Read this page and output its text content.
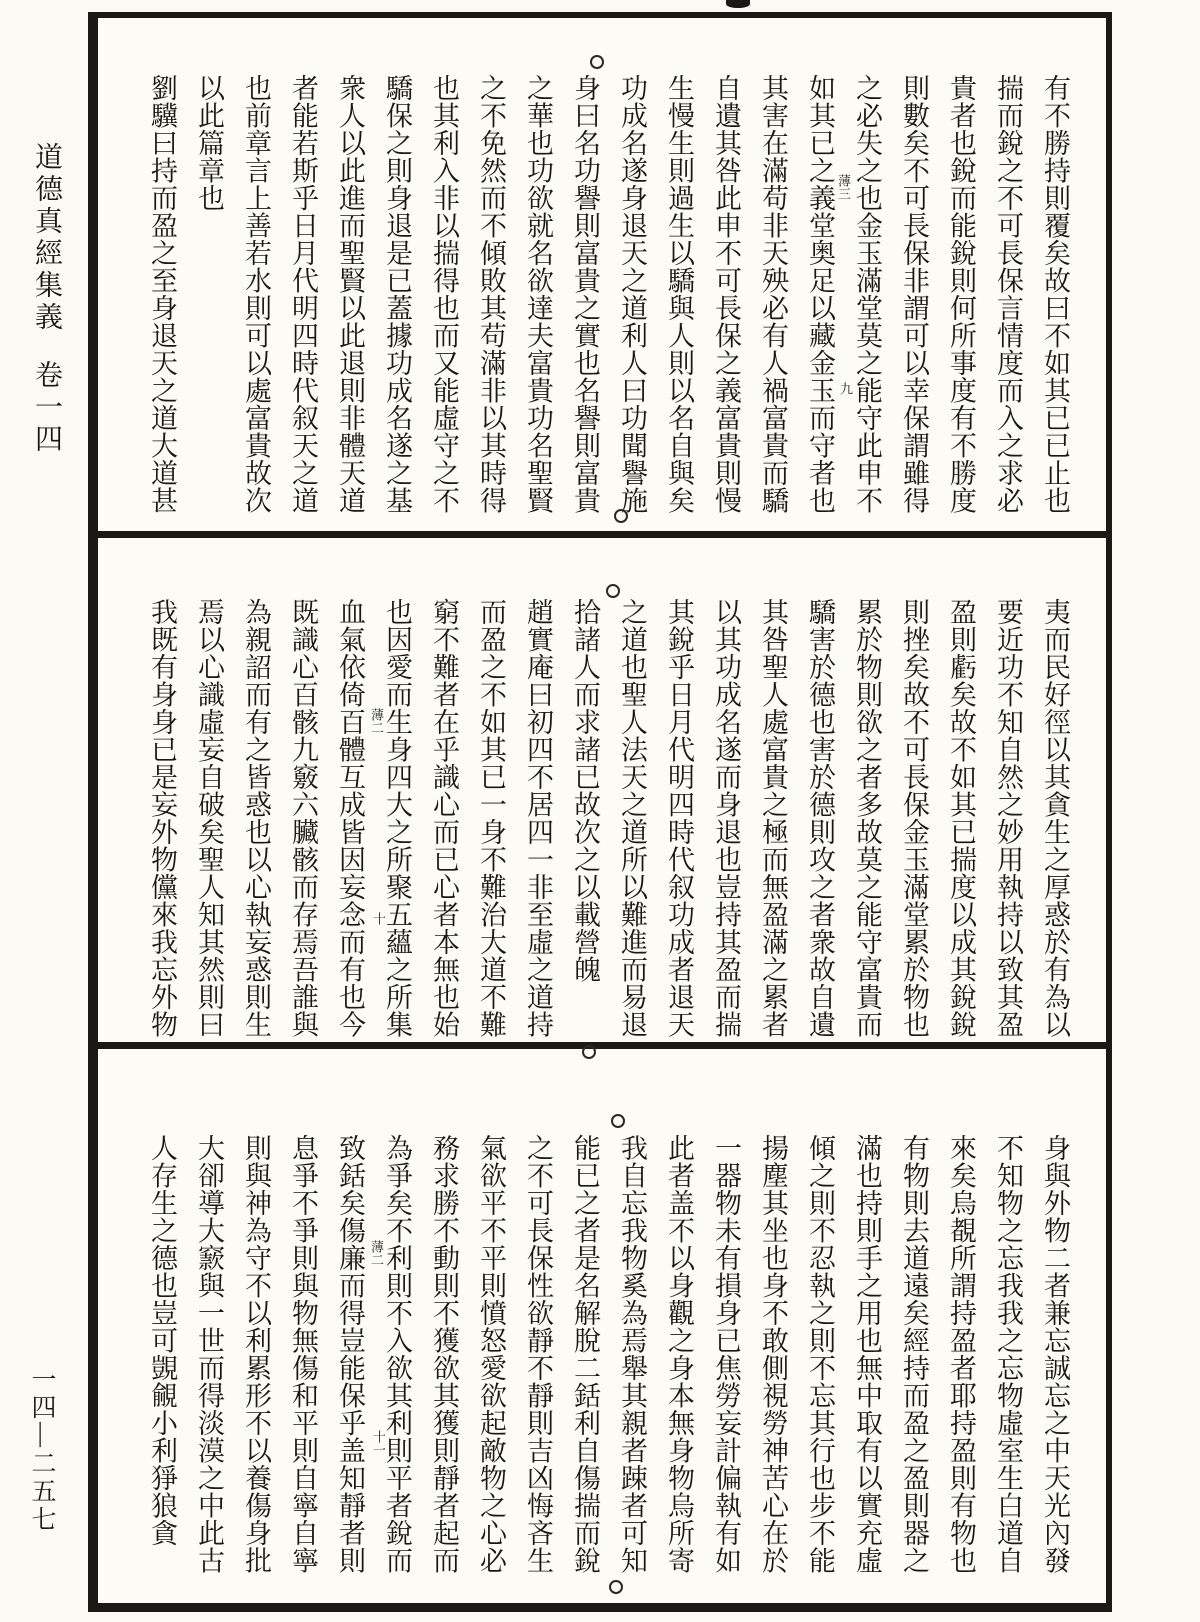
道德真經集義卷一四
一四—二五七
有不勝持則覆矣故曰不如其已已止也
揣而銳之不可長保言情度而入之求必
貴者也銳而能銳則何所事度有不勝度
則數矣不可長保非謂可以幸保謂雖得
之必失之也金玉滿堂莫之能守此申不
如其已之義堂奥足以藏金玉而守者也
其害在滿苟非天殃必有人禍富貴而驕
自遺其咎此申不可長保之義富貴則慢
生慢生則過生以驕與人則以名自與矣
功成名遂身退天之道利人曰功聞譽施
身曰名功譽則富貴之實也名譽則富貴
之華也功欲就名欲達夫富貴功名聖賢
之不免然而不傾敗其苟滿非以其時得
也其利入非以揣得也而又能虛守之不
驕保之則身退是已蓋據功成名遂之基
衆人以此進而聖賢以此退則非體天道
者能若斯乎日月代明四時代叙天之道
也前章言上善若水則可以處富貴故次
以此篇章也
劉驥曰持而盈之至身退天之道大道甚
夷而民好徑以其貪生之厚惑於有為以
要近功不知自然之妙用執持以致其盈
盈則虧矣故不如其已揣度以成其銳銳
則挫矣故不可長保金玉滿堂累於物也
累於物則欲之者多故莫之能守富貴而
驕害於德也害於德則攻之者衆故自遺
其咎聖人處富貴之極而無盈滿之累者
以其功成名遂而身退也豈持其盈而揣
其銳乎日月代明四時代叙功成者退天
之道也聖人法天之道所以難進而易退
拾諸人而求諸已故次之以載營魄
趙實庵曰初四不居四一非至虛之道持
而盈之不如其已一身不難治大道不難
窮不難者在乎識心而已心者本無也始
也因愛而生身四大之所聚五蘊之所集
血氣依倚百體互成皆因妄念而有也今
既識心百骸九竅六臟骸而存焉吾誰與
為親詔而有之皆惑也以心執妄惑則生
焉以心識虛妄自破矣聖人知其然則曰
我既有身身已是妄外物儻來我忘外物
身與外物二者兼忘誠忘之中天光內發
不知物之忘我我之忘物虛室生白道自
來矣烏覩所謂持盈者耶持盈則有物也
有物則去道遠矣經持而盈之盈則器之
滿也持則手之用也無中取有以實充虛
傾之則不忍執之則不忘其行也步不能
揚塵其坐也身不敢側視勞神苦心在於
一器物未有損身已焦勞妄計偏執有如
此者盖不以身觀之身本無身物烏所寄
我自忘我物奚為焉舉其親者踈者可知
能已之者是名解脫二銛利自傷揣而銳
之不可長保性欲靜不靜則吉凶悔吝生
氣欲平不平則憤怒愛欲起敵物之心必
務求勝不動則不獲欲其獲則靜者起而
為爭矣不利則不入欲其利則平者銳而
致銛矣傷廉而得豈能保乎盖知靜者則
息爭不爭則與物無傷和平則自寧自寧
則與神為守不以利累形不以養傷身批
大卻導大窾與一世而得淡漠之中此古
人存生之德也豈可覬覦小利猙狼貪
薄三
九
薄二
十
薄二
十一
